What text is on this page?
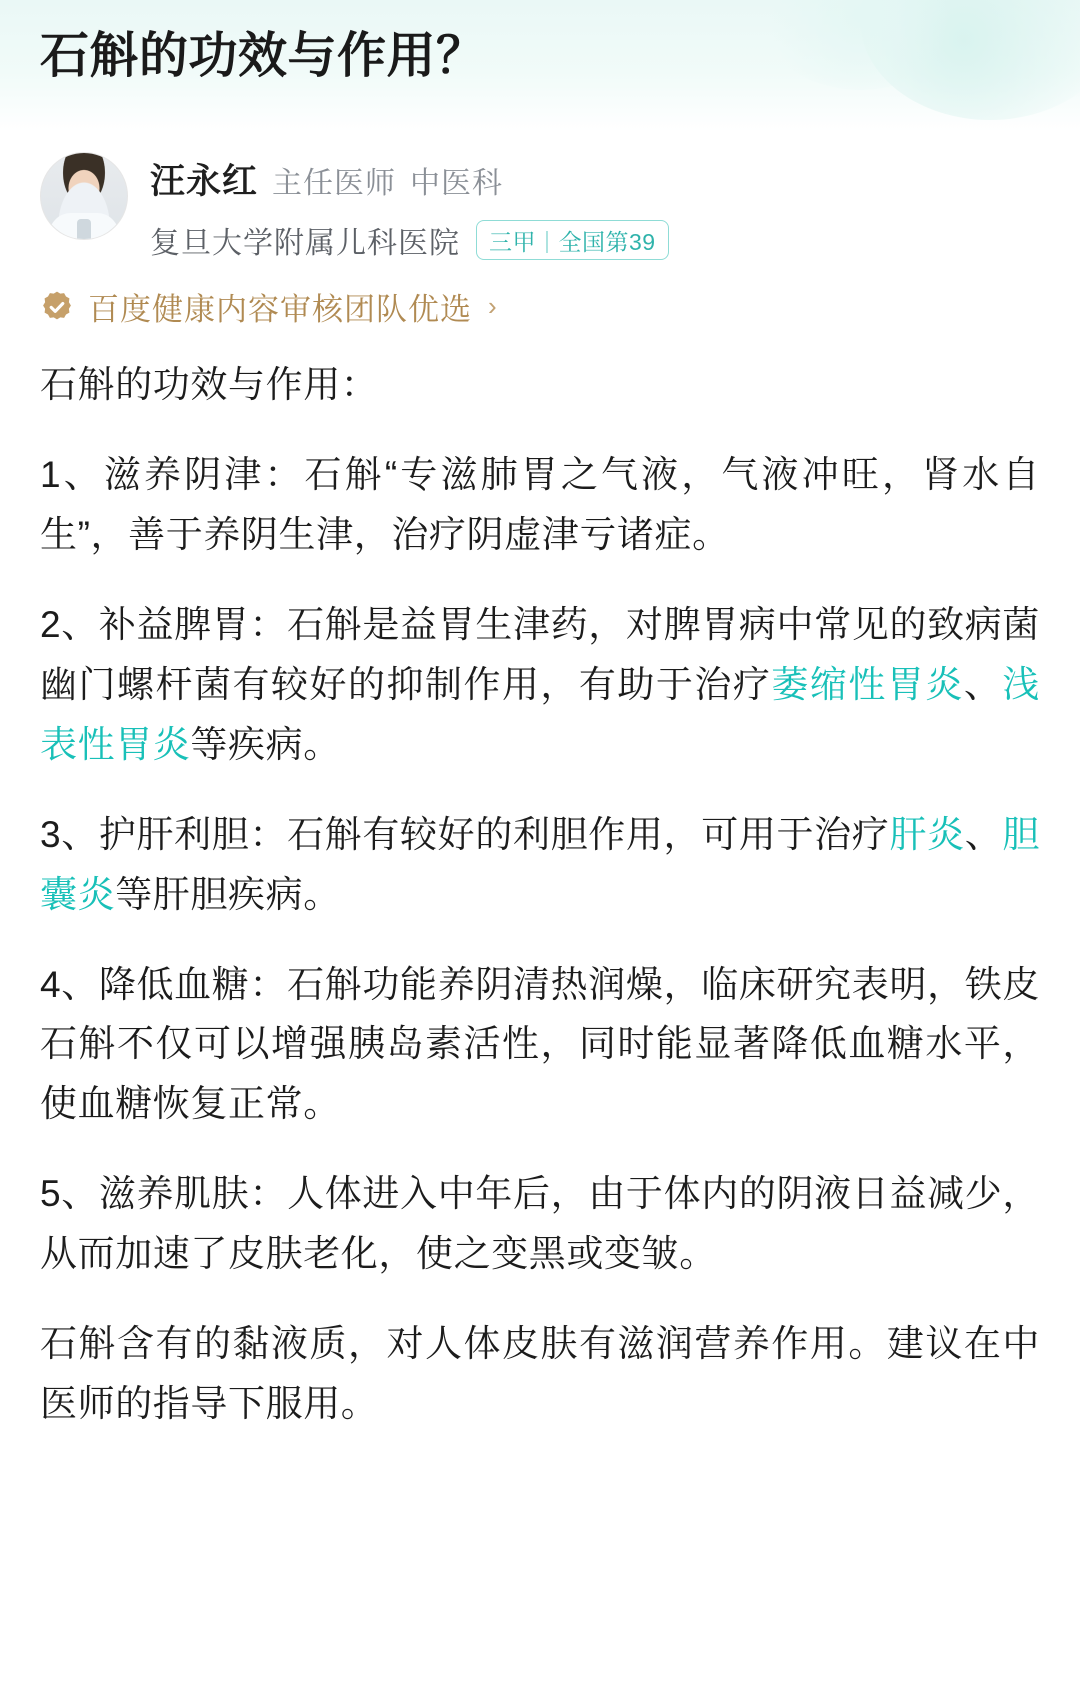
石斛的功效与作用？
汪永红 主任医师 中医科
复旦大学附属儿科医院 三甲 | 全国第39
百度健康内容审核团队优选 ›

石斛的功效与作用：

1、滋养阴津：石斛“专滋肺胃之气液，气液冲旺，肾水自生”，善于养阴生津，治疗阴虚津亏诸症。

2、补益脾胃：石斛是益胃生津药，对脾胃病中常见的致病菌幽门螺杆菌有较好的抑制作用，有助于治疗萎缩性胃炎、浅表性胃炎等疾病。

3、护肝利胆：石斛有较好的利胆作用，可用于治疗肝炎、胆囊炎等肝胆疾病。

4、降低血糖：石斛功能养阴清热润燥，临床研究表明，铁皮石斛不仅可以增强胰岛素活性，同时能显著降低血糖水平，使血糖恢复正常。

5、滋养肌肤：人体进入中年后，由于体内的阴液日益减少，从而加速了皮肤老化，使之变黑或变皱。

石斛含有的黏液质，对人体皮肤有滋润营养作用。建议在中医师的指导下服用。
